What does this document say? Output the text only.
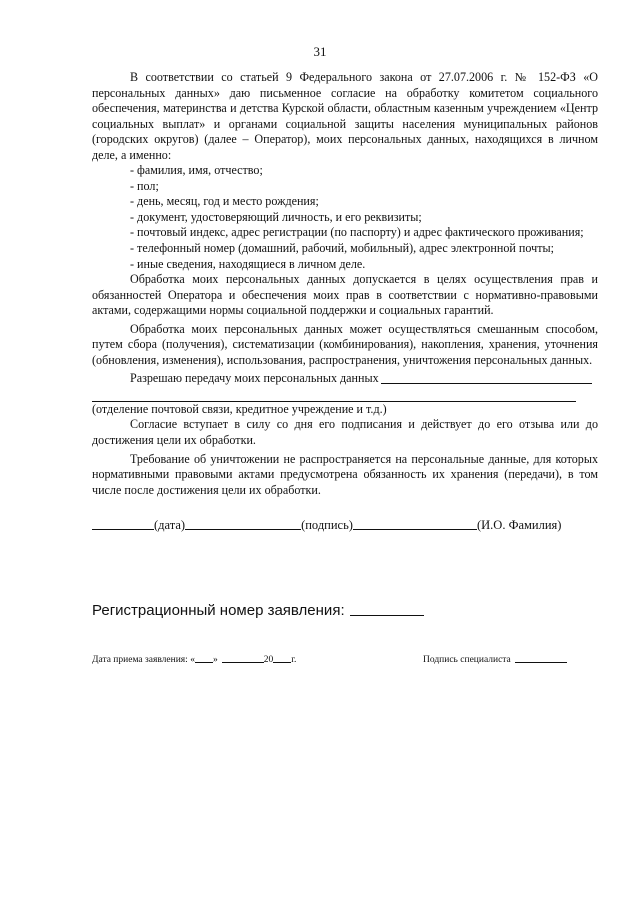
31

В соответствии со статьей 9 Федерального закона от 27.07.2006 г. № 152-ФЗ «О персональных данных» даю письменное согласие на обработку комитетом социального обеспечения, материнства и детства Курской области, областным казенным учреждением «Центр социальных выплат» и органами социальной защиты населения муниципальных районов (городских округов) (далее – Оператор), моих персональных данных, находящихся в личном деле, а именно:

- фамилия, имя, отчество;

- пол;

- день, месяц, год и место рождения;

- документ, удостоверяющий личность, и его реквизиты;

- почтовый индекс, адрес регистрации (по паспорту) и адрес фактического проживания;

- телефонный номер (домашний, рабочий, мобильный), адрес электронной почты;

- иные сведения, находящиеся в личном деле.

Обработка моих персональных данных допускается в целях осуществления прав и обязанностей Оператора и обеспечения моих прав в соответствии с нормативно-правовыми актами, содержащими нормы социальной поддержки и социальных гарантий.

Обработка моих персональных данных может осуществляться смешанным способом, путем сбора (получения), систематизации (комбинирования), накопления, хранения, уточнения (обновления, изменения), использования, распространения, уничтожения персональных данных.

Разрешаю передачу моих персональных данных

(отделение почтовой связи, кредитное учреждение и т.д.)

Согласие вступает в силу со дня его подписания и действует до его отзыва или до достижения цели их обработки.

Требование об уничтожении не распространяется на персональные данные, для которых нормативными правовыми актами предусмотрена обязанность их хранения (передачи), в том числе после достижения цели их обработки.

(дата)	(подпись)	(И.О. Фамилия)
Регистрационный номер заявления:
Дата приема заявления: « »	20 г.	Подпись специалиста
